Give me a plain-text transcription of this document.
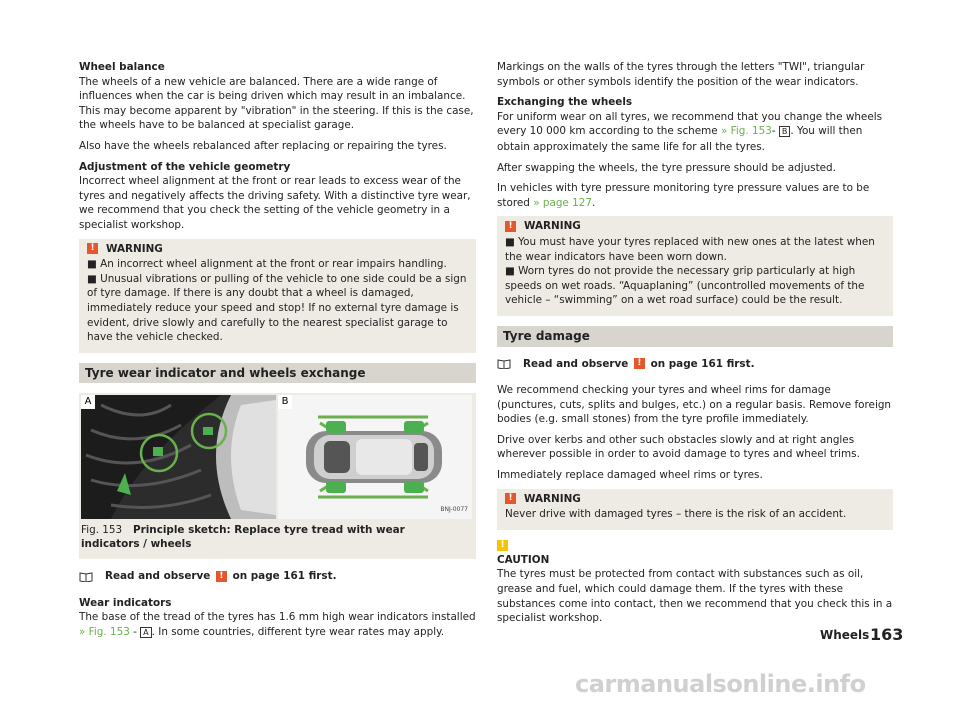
Wheel balance
The wheels of a new vehicle are balanced. There are a wide range of influences when the car is being driven which may result in an imbalance. This may become apparent by "vibration" in the steering. If this is the case, the wheels have to be balanced at specialist garage.

Also have the wheels rebalanced after replacing or repairing the tyres.

Adjustment of the vehicle geometry
Incorrect wheel alignment at the front or rear leads to excess wear of the tyres and negatively affects the driving safety. With a distinctive tyre wear, we recommend that you check the setting of the vehicle geometry in a specialist workshop.

!	WARNING

■ An incorrect wheel alignment at the front or rear impairs handling.

■ Unusual vibrations or pulling of the vehicle to one side could be a sign of tyre damage. If there is any doubt that a wheel is damaged, immediately reduce your speed and stop! If no external tyre damage is evident, drive slowly and carefully to the nearest specialist garage to have the vehicle checked.

Tyre wear indicator and wheels exchange
A	B
BNJ-0077
Fig. 153 Principle sketch: Replace tyre tread with wear indicators / wheels
Read and observe
	!
on page 161 first.

Wear indicators
The base of the tread of the tyres has 1.6 mm high wear indicators installed » Fig. 153 - A . In some countries, different tyre wear rates may apply.

Markings on the walls of the tyres through the letters "TWI", triangular symbols or other symbols identify the position of the wear indicators.

Exchanging the wheels
For uniform wear on all tyres, we recommend that you change the wheels every 10 000 km according to the scheme » Fig. 153- B . You will then obtain approximately the same life for all the tyres.

After swapping the wheels, the tyre pressure should be adjusted.

In vehicles with tyre pressure monitoring tyre pressure values are to be stored » page 127.

!	WARNING

■ You must have your tyres replaced with new ones at the latest when the wear indicators have been worn down.

■ Worn tyres do not provide the necessary grip particularly at high speeds on wet roads. “Aquaplaning” (uncontrolled movements of the vehicle – “swimming” on a wet road surface) could be the result.

Tyre damage
Read and observe
	!
on page 161 first.

We recommend checking your tyres and wheel rims for damage (punctures, cuts, splits and bulges, etc.) on a regular basis. Remove foreign bodies (e.g. small stones) from the tyre profile immediately.

Drive over kerbs and other such obstacles slowly and at right angles wherever possible in order to avoid damage to tyres and wheel trims.

Immediately replace damaged wheel rims or tyres.

!	WARNING

Never drive with damaged tyres – there is the risk of an accident.

!

CAUTION
The tyres must be protected from contact with substances such as oil, grease and fuel, which could damage them. If the tyres with these substances come into contact, then we recommend that you check this in a specialist workshop.

Wheels 163
carmanualsonline.info
